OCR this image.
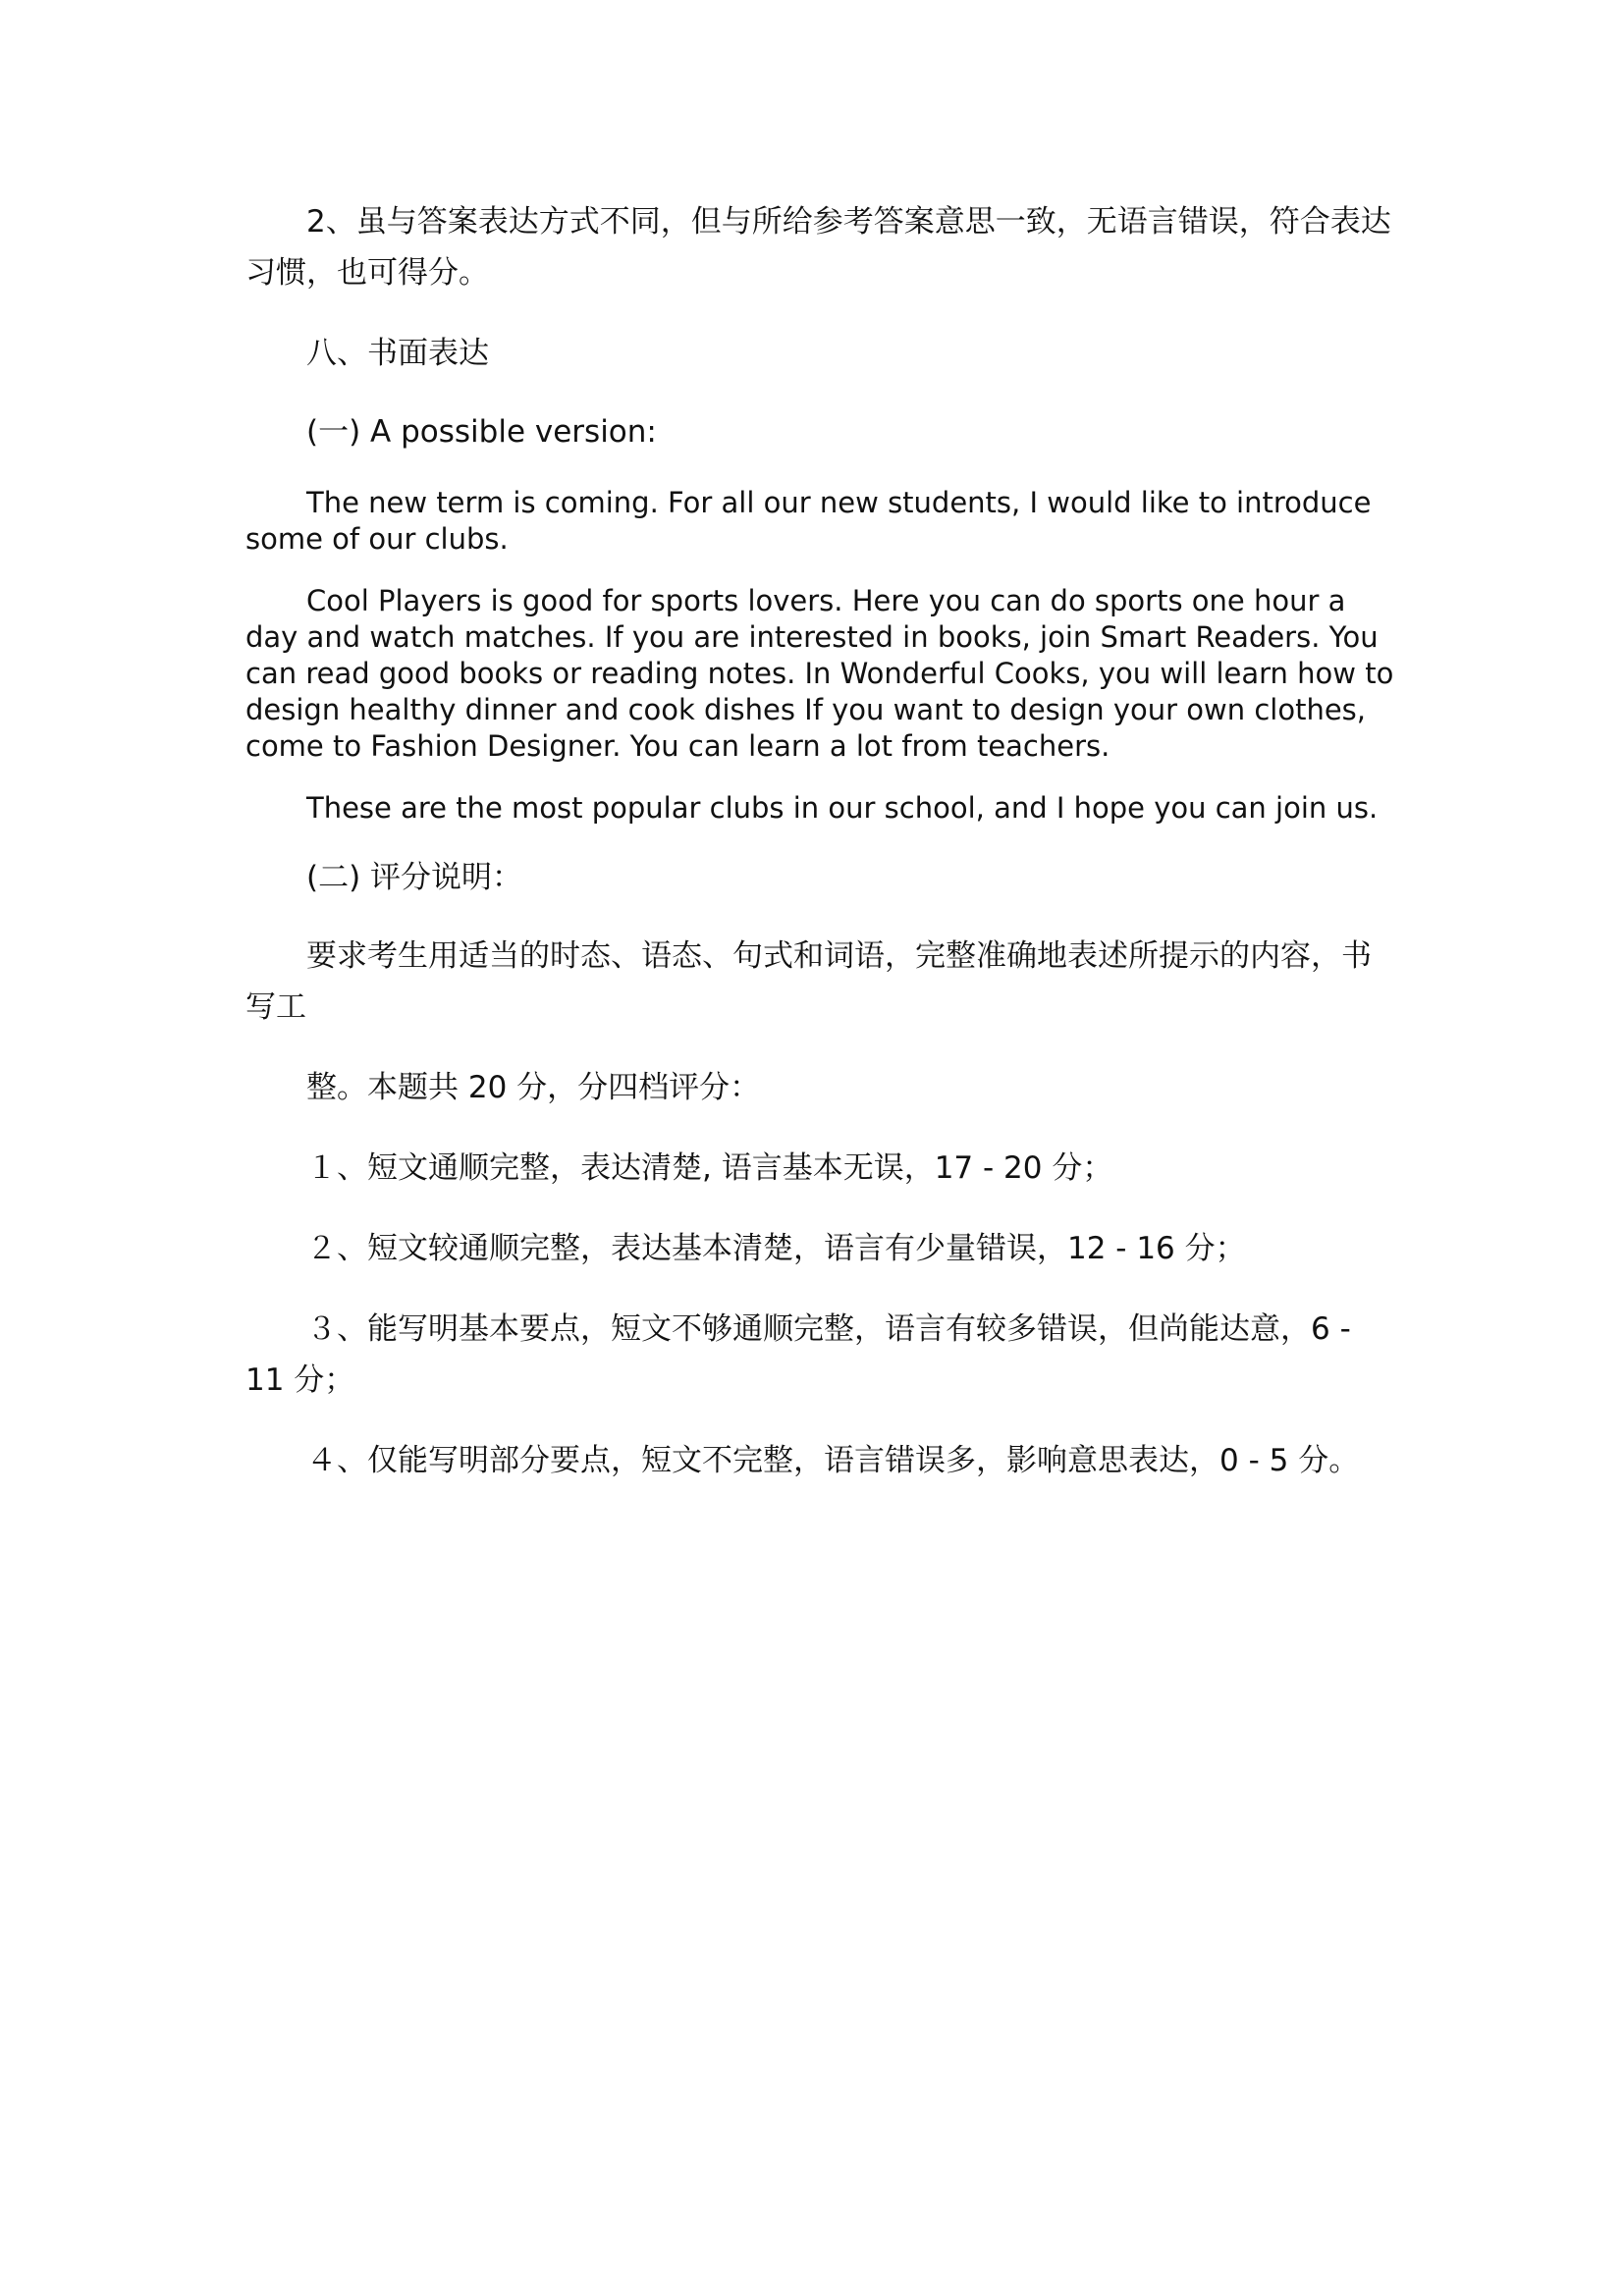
2、虽与答案表达方式不同，但与所给参考答案意思一致，无语言错误，符合表达习惯，也可得分。

八、书面表达

(一) A possible version:

The new term is coming. For all our new students, I would like to introduce some of our clubs.

Cool Players is good for sports lovers. Here you can do sports one hour a day and watch matches. If you are interested in books, join Smart Readers. You can read good books or reading notes. In Wonderful Cooks, you will learn how to design healthy dinner and cook dishes If you want to design your own clothes, come to Fashion Designer. You can learn a lot from teachers.

These are the most popular clubs in our school, and I hope you can join us.

(二) 评分说明：

要求考生用适当的时态、语态、句式和词语，完整准确地表述所提示的内容，书写工

整。本题共 20 分，分四档评分：

１、短文通顺完整，表达清楚, 语言基本无误，17 - 20 分；

２、短文较通顺完整，表达基本清楚，语言有少量错误，12 - 16 分；

３、能写明基本要点，短文不够通顺完整，语言有较多错误，但尚能达意，6 - 11 分；

４、仅能写明部分要点，短文不完整，语言错误多，影响意思表达，0 - 5 分。
